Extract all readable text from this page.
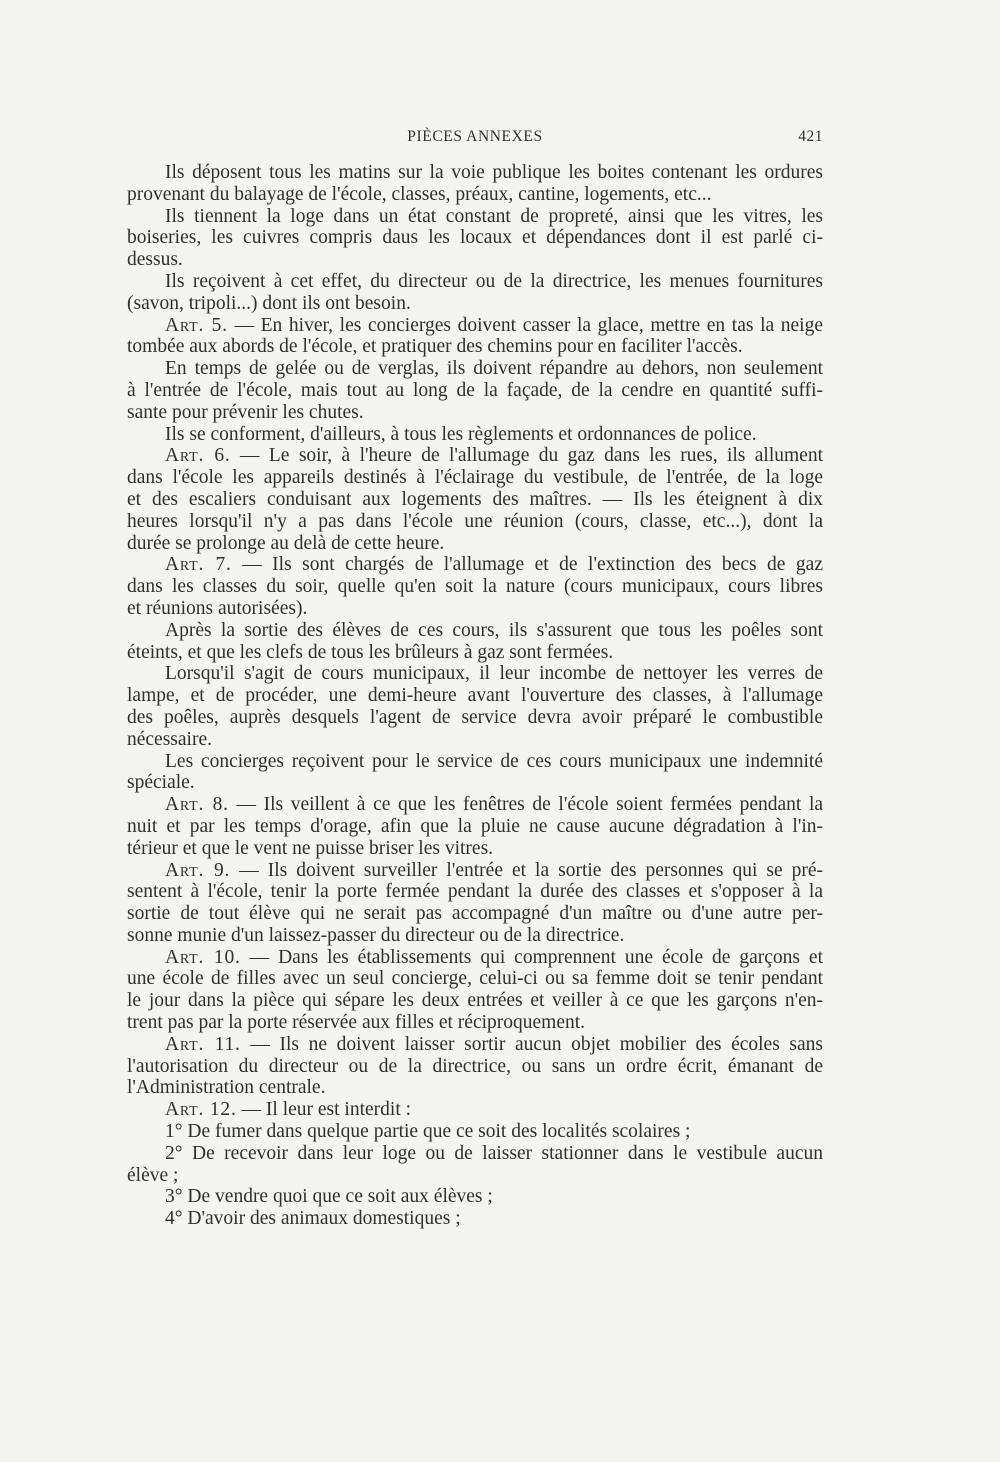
PIÈCES ANNEXES	421
Ils déposent tous les matins sur la voie publique les boites contenant les ordures
provenant du balayage de l'école, classes, préaux, cantine, logements, etc...
Ils tiennent la loge dans un état constant de propreté, ainsi que les vitres, les
boiseries, les cuivres compris daus les locaux et dépendances dont il est parlé ci-
dessus.
Ils reçoivent à cet effet, du directeur ou de la directrice, les menues fournitures
(savon, tripoli...) dont ils ont besoin.
Art. 5. — En hiver, les concierges doivent casser la glace, mettre en tas la neige
tombée aux abords de l'école, et pratiquer des chemins pour en faciliter l'accès.
En temps de gelée ou de verglas, ils doivent répandre au dehors, non seulement
à l'entrée de l'école, mais tout au long de la façade, de la cendre en quantité suffi-
sante pour prévenir les chutes.
Ils se conforment, d'ailleurs, à tous les règlements et ordonnances de police.
Art. 6. — Le soir, à l'heure de l'allumage du gaz dans les rues, ils allument
dans l'école les appareils destinés à l'éclairage du vestibule, de l'entrée, de la loge
et des escaliers conduisant aux logements des maîtres. — Ils les éteignent à dix
heures lorsqu'il n'y a pas dans l'école une réunion (cours, classe, etc...), dont la
durée se prolonge au delà de cette heure.
Art. 7. — Ils sont chargés de l'allumage et de l'extinction des becs de gaz
dans les classes du soir, quelle qu'en soit la nature (cours municipaux, cours libres
et réunions autorisées).
Après la sortie des élèves de ces cours, ils s'assurent que tous les poêles sont
éteints, et que les clefs de tous les brûleurs à gaz sont fermées.
Lorsqu'il s'agit de cours municipaux, il leur incombe de nettoyer les verres de
lampe, et de procéder, une demi-heure avant l'ouverture des classes, à l'allumage
des poêles, auprès desquels l'agent de service devra avoir préparé le combustible
nécessaire.
Les concierges reçoivent pour le service de ces cours municipaux une indemnité
spéciale.
Art. 8. — Ils veillent à ce que les fenêtres de l'école soient fermées pendant la
nuit et par les temps d'orage, afin que la pluie ne cause aucune dégradation à l'in-
térieur et que le vent ne puisse briser les vitres.
Art. 9. — Ils doivent surveiller l'entrée et la sortie des personnes qui se pré-
sentent à l'école, tenir la porte fermée pendant la durée des classes et s'opposer à la
sortie de tout élève qui ne serait pas accompagné d'un maître ou d'une autre per-
sonne munie d'un laissez-passer du directeur ou de la directrice.
Art. 10. — Dans les établissements qui comprennent une école de garçons et
une école de filles avec un seul concierge, celui-ci ou sa femme doit se tenir pendant
le jour dans la pièce qui sépare les deux entrées et veiller à ce que les garçons n'en-
trent pas par la porte réservée aux filles et réciproquement.
Art. 11. — Ils ne doivent laisser sortir aucun objet mobilier des écoles sans
l'autorisation du directeur ou de la directrice, ou sans un ordre écrit, émanant de
l'Administration centrale.
Art. 12. — Il leur est interdit :
1° De fumer dans quelque partie que ce soit des localités scolaires ;
2° De recevoir dans leur loge ou de laisser stationner dans le vestibule aucun
élève ;
3° De vendre quoi que ce soit aux élèves ;
4° D'avoir des animaux domestiques ;
